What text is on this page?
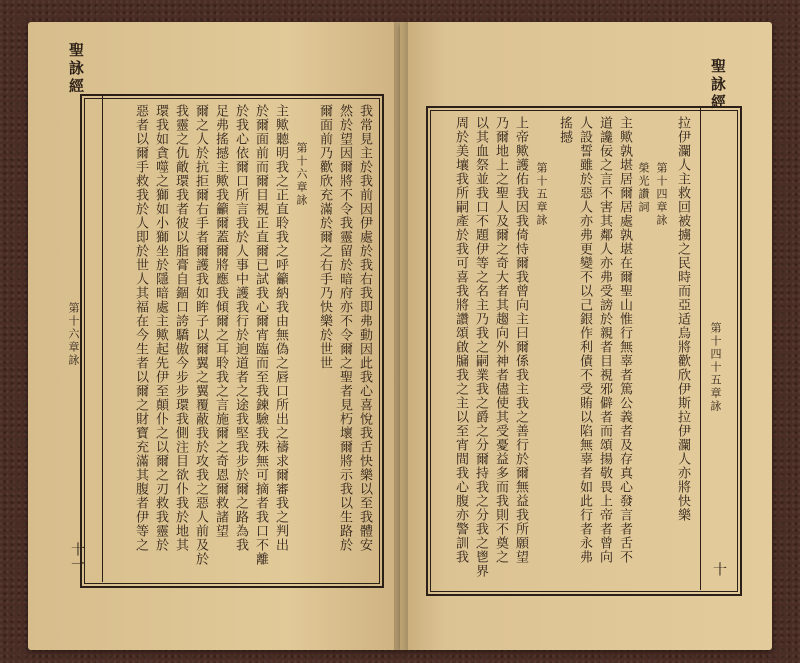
聖詠經
第十六章詠
十一
我常見主於我前因伊處於我右我即弗動因此我心喜悅我舌快樂以至我體安
然於望因爾將不令我靈留於暗府亦不令爾之聖者見朽壞爾將示我以生路於
爾面前乃歡欣充滿於爾之右手乃快樂於世世
第十六章詠
主歟聽明我之正直聆我之呼籲納我由無偽之唇口所出之禱求爾審我之判出
於爾面前而爾目視正直爾已試我心爾宵臨而至我鍊驗我殊無可摘者我口不離
於我心依爾口所言我於人事中護我行於逈道者之途我堅我步於爾之路為我
足弗搖撼主歟我籲爾蓋爾將應我傾爾之耳聆我之言施爾之奇恩爾救諸望
爾之人於抗拒爾右手者爾護我如眸子以爾翼之翼覆蔽我於攻我之惡人前及於
我靈之仇敵環我者彼以脂膏自錮口誇驕傲今步步環我側注目欲仆我於地其
環我如貪噬之獅如小獅坐於隱暗處主歟起先伊至顛仆之以爾之刃救我靈於
惡者以爾手救我於人即於世人其福在今生者以爾之財寶充滿其腹者伊等之
聖詠經
第十四十五章詠
十
拉伊瀾人主救回被擄之民時而亞适烏將歡欣伊斯拉伊瀾人亦將快樂
第十四章詠
榮光讚詞
主歟孰堪居爾居處孰堪在爾聖山惟行無辜者篤公義者及存真心發言者舌不
道讒佞之言不害其鄰人亦弗受謗於親者目視邪僻者而頌揚敬畏上帝者曾向
人設誓雖於惡人亦弗更變不以己銀作利債不受賄以陷無辜者如此行者永弗
搖撼
第十五章詠
上帝歟護佑我因我倚恃爾我曾向主曰爾係我主我之善行於爾無益我所願望
乃爾地上之聖人及爾之奇大者其趨向外神者儘使其受憂益多而我則不奠之
以其血祭並我口不題伊等之名主乃我之嗣業我之爵之分爾持我之分我之鬯界
周於美壤我所嗣產於我可喜我將讚頌啟牖我之主以至宵間我心腹亦警訓我
